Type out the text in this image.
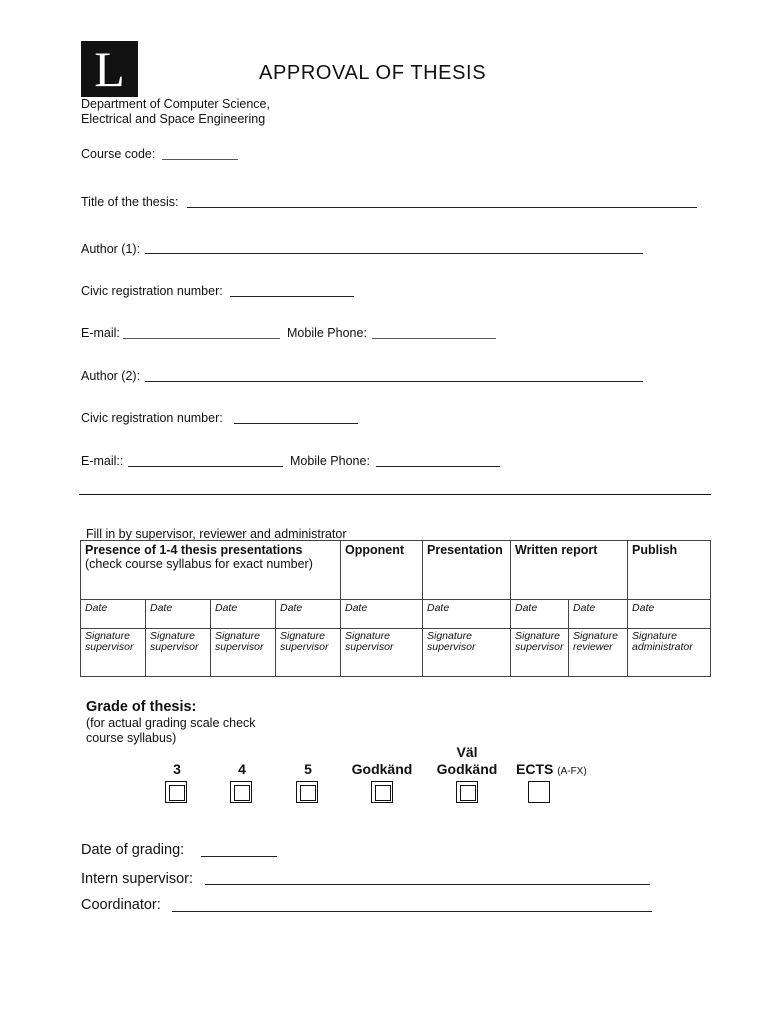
L	APPROVAL OF THESIS
Department of Computer Science,
Electrical and Space Engineering
Course code:
Title of the thesis:
Author (1):
Civic registration number:
E-mail:	Mobile Phone:
Author (2):
Civic registration number:
E-mail::	Mobile Phone:
Fill in by supervisor, reviewer and administrator
Presence of 1-4 thesis presentations
(check course syllabus for exact number)				Opponent	Presentation	Written report		Publish
Date	Date	Date	Date	Date	Date	Date	Date	Date
Signature
supervisor	Signature
supervisor	Signature
supervisor	Signature
supervisor	Signature
supervisor	Signature
supervisor	Signature
supervisor	Signature
reviewer	Signature
administrator
Grade of thesis:
(for actual grading scale check
course syllabus)
3	4	5	Godkänd
Väl
Godkänd	ECTS (A-FX)
Date of grading:
Intern supervisor:
Coordinator:
